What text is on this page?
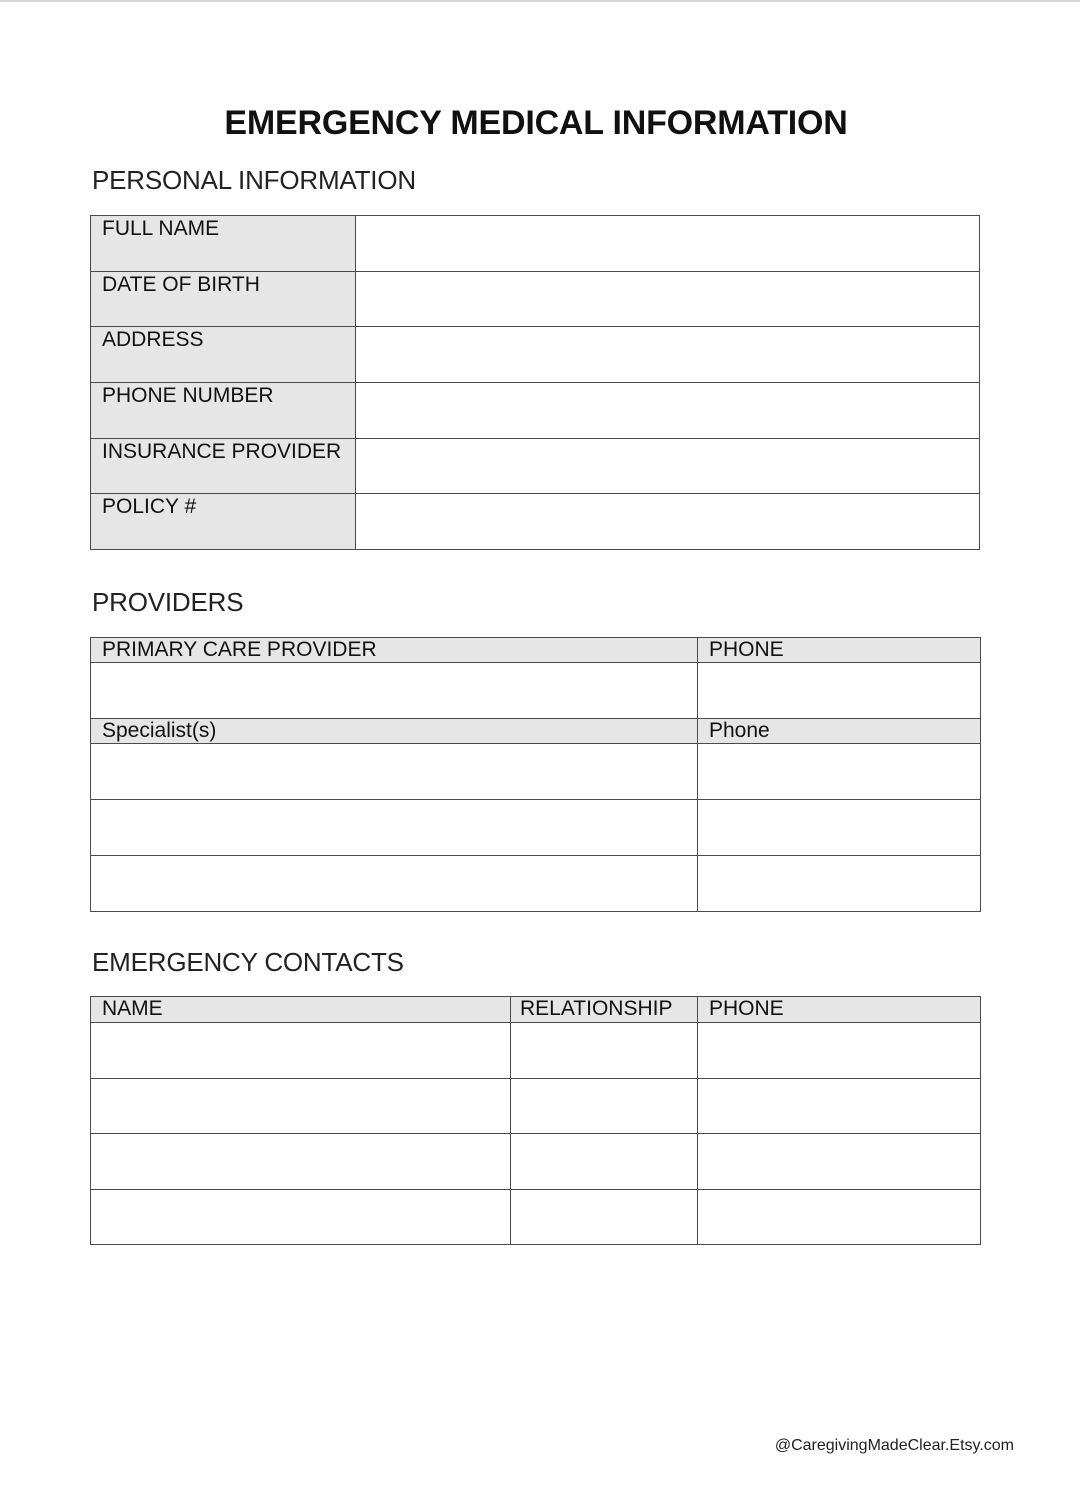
EMERGENCY MEDICAL INFORMATION
PERSONAL INFORMATION
FULL NAME	
DATE OF BIRTH	
ADDRESS	
PHONE NUMBER	
INSURANCE PROVIDER	
POLICY #	
PROVIDERS
PRIMARY CARE PROVIDER	PHONE

Specialist(s)	Phone

EMERGENCY CONTACTS
NAME	RELATIONSHIP	PHONE

@CaregivingMadeClear.Etsy.com
